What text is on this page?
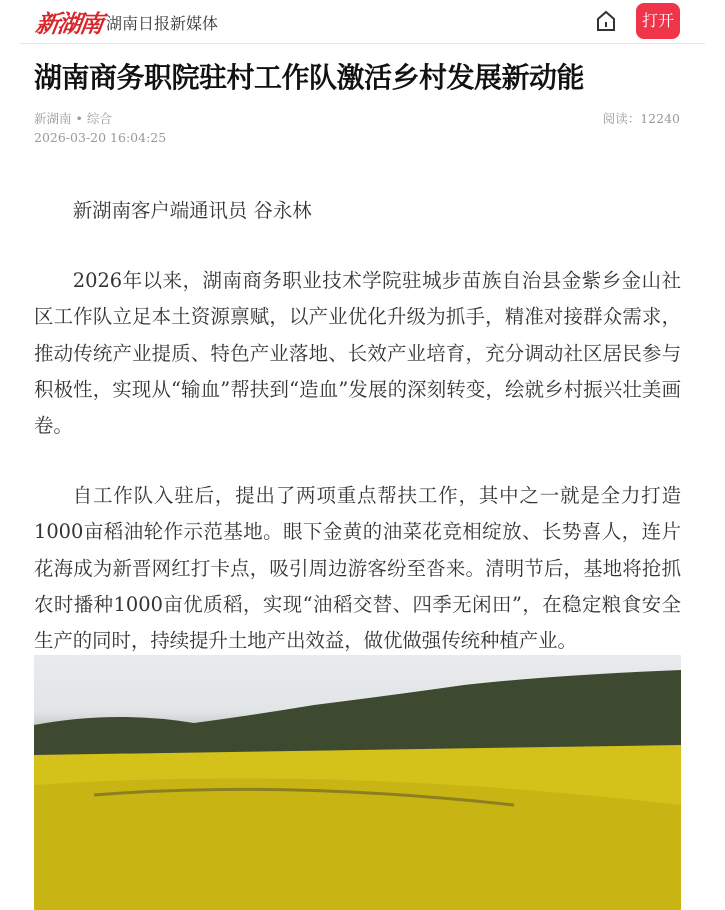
新湖南 湖南日报新媒体	打开
湖南商务职院驻村工作队激活乡村发展新动能
新湖南 • 综合
2026-03-20 16:04:25
阅读：12240

新湖南客户端通讯员 谷永林

2026年以来，湖南商务职业技术学院驻城步苗族自治县金紫乡金山社区工作队立足本土资源禀赋，以产业优化升级为抓手，精准对接群众需求，推动传统产业提质、特色产业落地、长效产业培育，充分调动社区居民参与积极性，实现从“输血”帮扶到“造血”发展的深刻转变，绘就乡村振兴壮美画卷。

自工作队入驻后，提出了两项重点帮扶工作，其中之一就是全力打造1000亩稻油轮作示范基地。眼下金黄的油菜花竞相绽放、长势喜人，连片花海成为新晋网红打卡点，吸引周边游客纷至沓来。清明节后，基地将抢抓农时播种1000亩优质稻，实现“油稻交替、四季无闲田”，在稳定粮食安全生产的同时，持续提升土地产出效益，做优做强传统种植产业。
